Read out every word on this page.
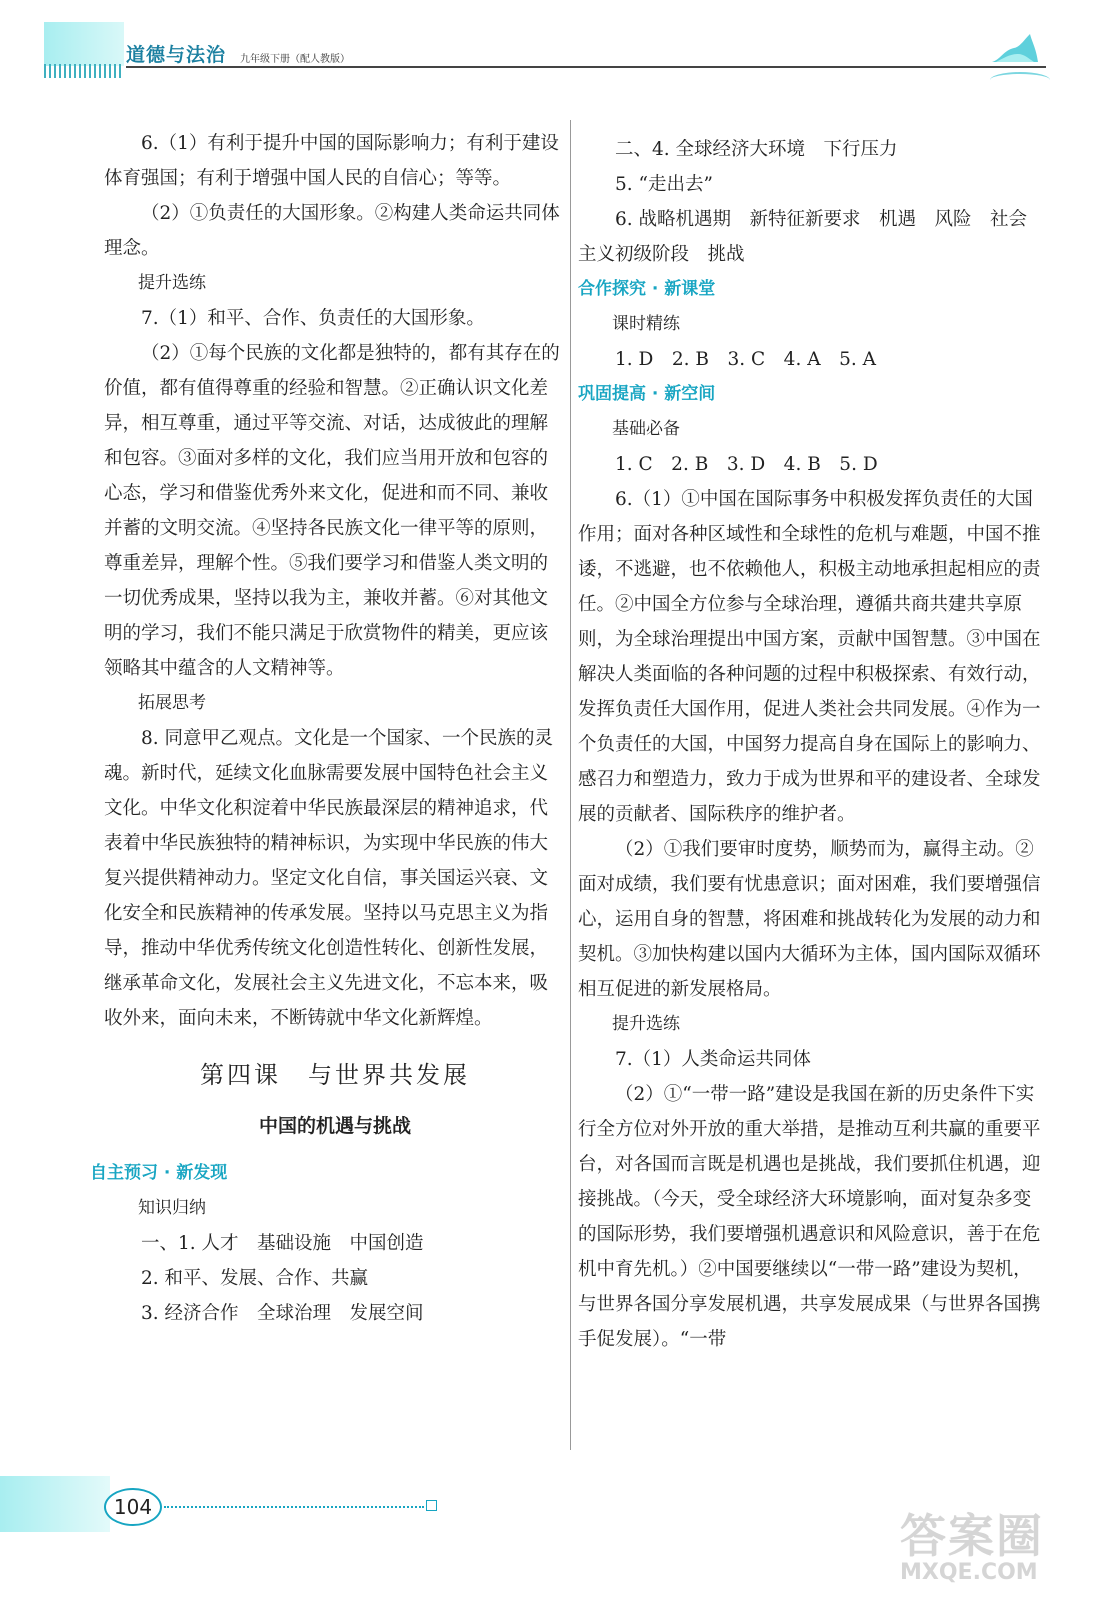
道德与法治 九年级下册（配人教版）

6.（1）有利于提升中国的国际影响力；有利于建设体育强国；有利于增强中国人民的自信心；等等。

（2）①负责任的大国形象。②构建人类命运共同体理念。

提升选练

7.（1）和平、合作、负责任的大国形象。

（2）①每个民族的文化都是独特的，都有其存在的价值，都有值得尊重的经验和智慧。②正确认识文化差异，相互尊重，通过平等交流、对话，达成彼此的理解和包容。③面对多样的文化，我们应当用开放和包容的心态，学习和借鉴优秀外来文化，促进和而不同、兼收并蓄的文明交流。④坚持各民族文化一律平等的原则，尊重差异，理解个性。⑤我们要学习和借鉴人类文明的一切优秀成果，坚持以我为主，兼收并蓄。⑥对其他文明的学习，我们不能只满足于欣赏物件的精美，更应该领略其中蕴含的人文精神等。

拓展思考

8. 同意甲乙观点。文化是一个国家、一个民族的灵魂。新时代，延续文化血脉需要发展中国特色社会主义文化。中华文化积淀着中华民族最深层的精神追求，代表着中华民族独特的精神标识，为实现中华民族的伟大复兴提供精神动力。坚定文化自信，事关国运兴衰、文化安全和民族精神的传承发展。坚持以马克思主义为指导，推动中华优秀传统文化创造性转化、创新性发展，继承革命文化，发展社会主义先进文化，不忘本来，吸收外来，面向未来，不断铸就中华文化新辉煌。

第四课　与世界共发展

中国的机遇与挑战

自主预习 · 新发现

知识归纳

一、1. 人才　基础设施　中国创造

2. 和平、发展、合作、共赢

3. 经济合作　全球治理　发展空间

二、4. 全球经济大环境　下行压力

5. “走出去”

6. 战略机遇期　新特征新要求　机遇　风险　社会主义初级阶段　挑战

合作探究 · 新课堂

课时精练

1. D　2. B　3. C　4. A　5. A

巩固提高 · 新空间

基础必备

1. C　2. B　3. D　4. B　5. D

6.（1）①中国在国际事务中积极发挥负责任的大国作用；面对各种区域性和全球性的危机与难题，中国不推诿，不逃避，也不依赖他人，积极主动地承担起相应的责任。②中国全方位参与全球治理，遵循共商共建共享原则，为全球治理提出中国方案，贡献中国智慧。③中国在解决人类面临的各种问题的过程中积极探索、有效行动，发挥负责任大国作用，促进人类社会共同发展。④作为一个负责任的大国，中国努力提高自身在国际上的影响力、感召力和塑造力，致力于成为世界和平的建设者、全球发展的贡献者、国际秩序的维护者。

（2）①我们要审时度势，顺势而为，赢得主动。②面对成绩，我们要有忧患意识；面对困难，我们要增强信心，运用自身的智慧，将困难和挑战转化为发展的动力和契机。③加快构建以国内大循环为主体，国内国际双循环相互促进的新发展格局。

提升选练

7.（1）人类命运共同体

（2）①“一带一路”建设是我国在新的历史条件下实行全方位对外开放的重大举措，是推动互利共赢的重要平台，对各国而言既是机遇也是挑战，我们要抓住机遇，迎接挑战。（今天，受全球经济大环境影响，面对复杂多变的国际形势，我们要增强机遇意识和风险意识，善于在危机中育先机。）②中国要继续以“一带一路”建设为契机，与世界各国分享发展机遇，共享发展成果（与世界各国携手促发展）。“一带

104
答案圈
MXQE.COM
